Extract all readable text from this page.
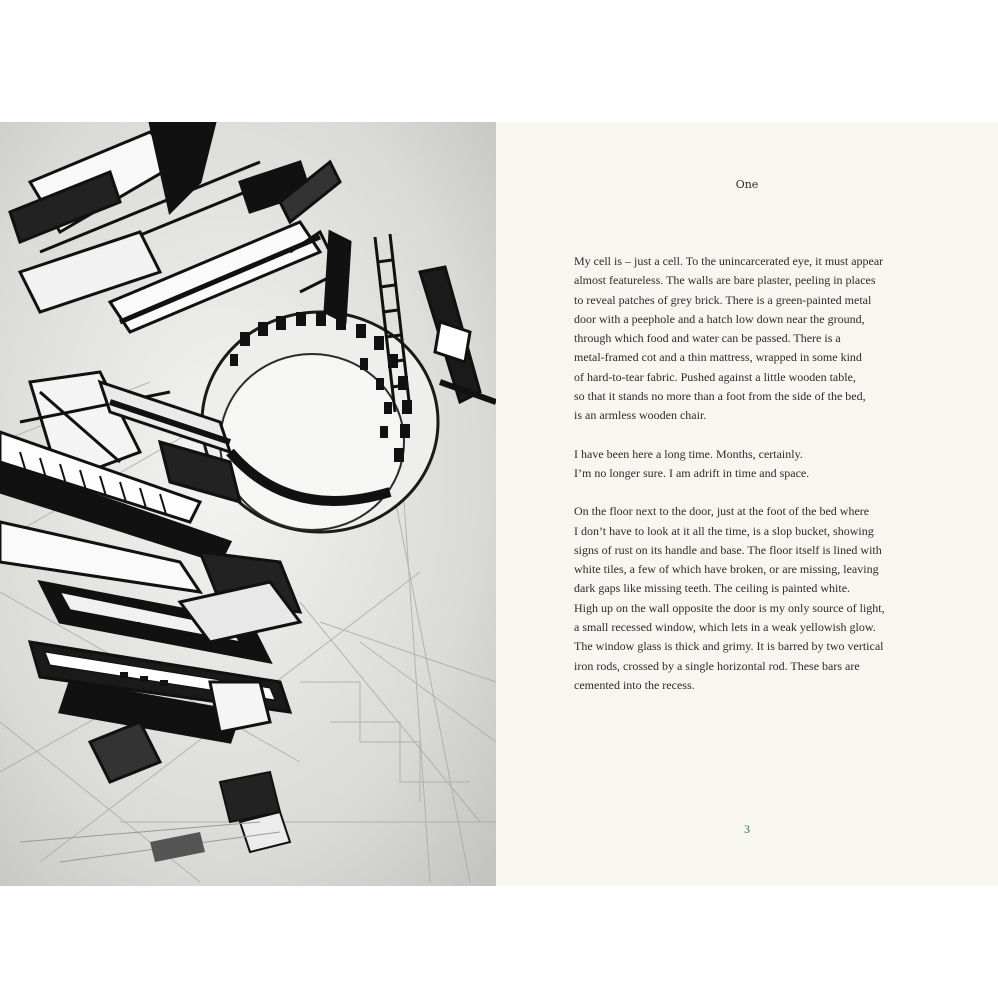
One

My cell is – just a cell. To the unincarcerated eye, it must appear
almost featureless. The walls are bare plaster, peeling in places
to reveal patches of grey brick. There is a green-painted metal
door with a peephole and a hatch low down near the ground,
through which food and water can be passed. There is a
metal-framed cot and a thin mattress, wrapped in some kind
of hard-to-tear fabric. Pushed against a little wooden table,
so that it stands no more than a foot from the side of the bed,
is an armless wooden chair.

I have been here a long time. Months, certainly.
I’m no longer sure. I am adrift in time and space.

On the floor next to the door, just at the foot of the bed where
I don’t have to look at it all the time, is a slop bucket, showing
signs of rust on its handle and base. The floor itself is lined with
white tiles, a few of which have broken, or are missing, leaving
dark gaps like missing teeth. The ceiling is painted white.
High up on the wall opposite the door is my only source of light,
a small recessed window, which lets in a weak yellowish glow.
The window glass is thick and grimy. It is barred by two vertical
iron rods, crossed by a single horizontal rod. These bars are
cemented into the recess.

3
